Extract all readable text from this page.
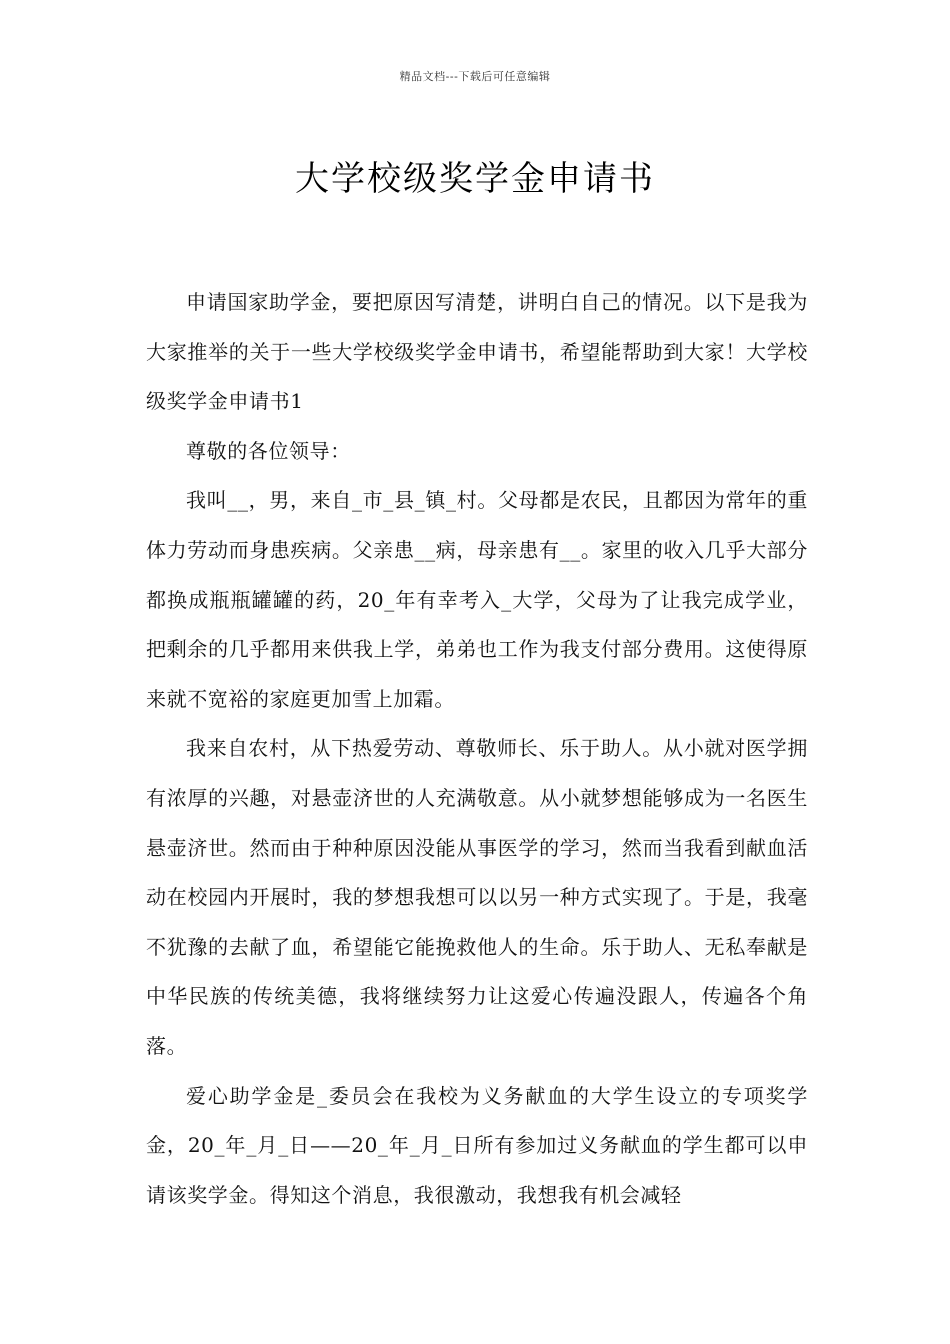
精品文档---下载后可任意编辑
大学校级奖学金申请书

申请国家助学金，要把原因写清楚，讲明白自己的情况。以下是我为大家推举的关于一些大学校级奖学金申请书，希望能帮助到大家！大学校级奖学金申请书1

尊敬的各位领导：

我叫__，男，来自_市_县_镇_村。父母都是农民，且都因为常年的重体力劳动而身患疾病。父亲患__病，母亲患有__。家里的收入几乎大部分都换成瓶瓶罐罐的药，20_年有幸考入_大学，父母为了让我完成学业，把剩余的几乎都用来供我上学，弟弟也工作为我支付部分费用。这使得原来就不宽裕的家庭更加雪上加霜。

我来自农村，从下热爱劳动、尊敬师长、乐于助人。从小就对医学拥有浓厚的兴趣，对悬壶济世的人充满敬意。从小就梦想能够成为一名医生悬壶济世。然而由于种种原因没能从事医学的学习，然而当我看到献血活动在校园内开展时，我的梦想我想可以以另一种方式实现了。于是，我毫不犹豫的去献了血，希望能它能挽救他人的生命。乐于助人、无私奉献是中华民族的传统美德，我将继续努力让这爱心传遍没跟人，传遍各个角落。

爱心助学金是_委员会在我校为义务献血的大学生设立的专项奖学金，20_年_月_日——20_年_月_日所有参加过义务献血的学生都可以申请该奖学金。得知这个消息，我很激动，我想我有机会减轻
